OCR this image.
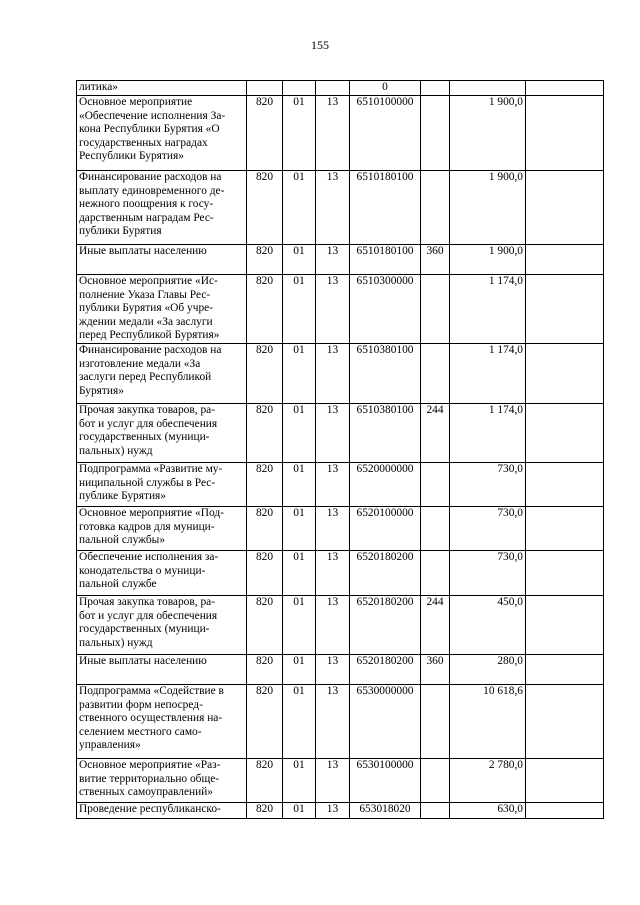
155
литика»				0			

Основное мероприятие
«Обеспечение исполнения За-
кона Республики Бурятия «О
государственных наградах
Республики Бурятия»	820	01	13	6510100000		1 900,0	

Финансирование расходов на
выплату единовременного де-
нежного поощрения к госу-
дарственным наградам Рес-
публики Бурятия	820	01	13	6510180100		1 900,0	

Иные выплаты населению	820	01	13	6510180100	360	1 900,0	

Основное мероприятие «Ис-
полнение Указа Главы Рес-
публики Бурятия «Об учре-
ждении медали «За заслуги
перед Республикой Бурятия»	820	01	13	6510300000		1 174,0	

Финансирование расходов на
изготовление медали «За
заслуги перед Республикой
Бурятия»	820	01	13	6510380100		1 174,0	

Прочая закупка товаров, ра-
бот и услуг для обеспечения
государственных (муници-
пальных) нужд	820	01	13	6510380100	244	1 174,0	

Подпрограмма «Развитие му-
ниципальной службы в Рес-
публике Бурятия»	820	01	13	6520000000		730,0	

Основное мероприятие «Под-
готовка кадров для муници-
пальной службы»	820	01	13	6520100000		730,0	

Обеспечение исполнения за-
конодательства о муници-
пальной службе	820	01	13	6520180200		730,0	

Прочая закупка товаров, ра-
бот и услуг для обеспечения
государственных (муници-
пальных) нужд	820	01	13	6520180200	244	450,0	

Иные выплаты населению	820	01	13	6520180200	360	280,0	

Подпрограмма «Содействие в
развитии форм непосред-
ственного осуществления на-
селением местного само-
управления»	820	01	13	6530000000		10 618,6	

Основное мероприятие «Раз-
витие территориально обще-
ственных самоуправлений»	820	01	13	6530100000		2 780,0	

Проведение республиканско-	820	01	13	653018020		630,0	
